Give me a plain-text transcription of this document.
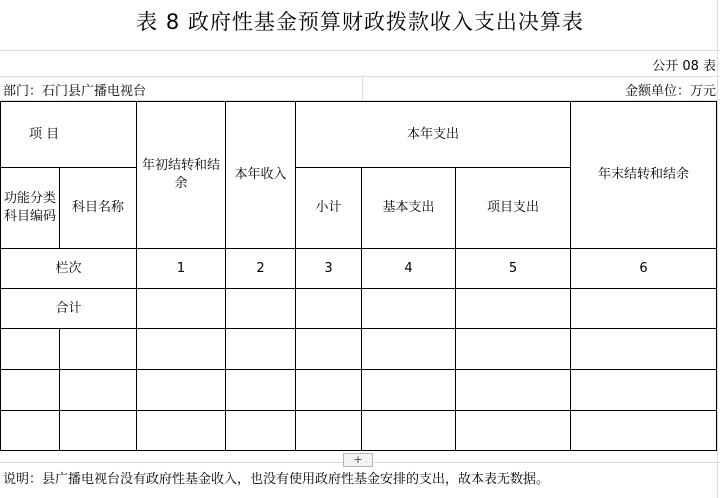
表 8 政府性基金预算财政拨款收入支出决算表
公开 08 表
部门：石门县广播电视台	金额单位：万元
项 目		年初结转和结余	本年收入	本年支出			年末结转和结余

功能分类科目编码	科目名称			小计	基本支出	项目支出	
栏次		1	2	3	4	5	6
合计							

+
说明：县广播电视台没有政府性基金收入，也没有使用政府性基金安排的支出，故本表无数据。
